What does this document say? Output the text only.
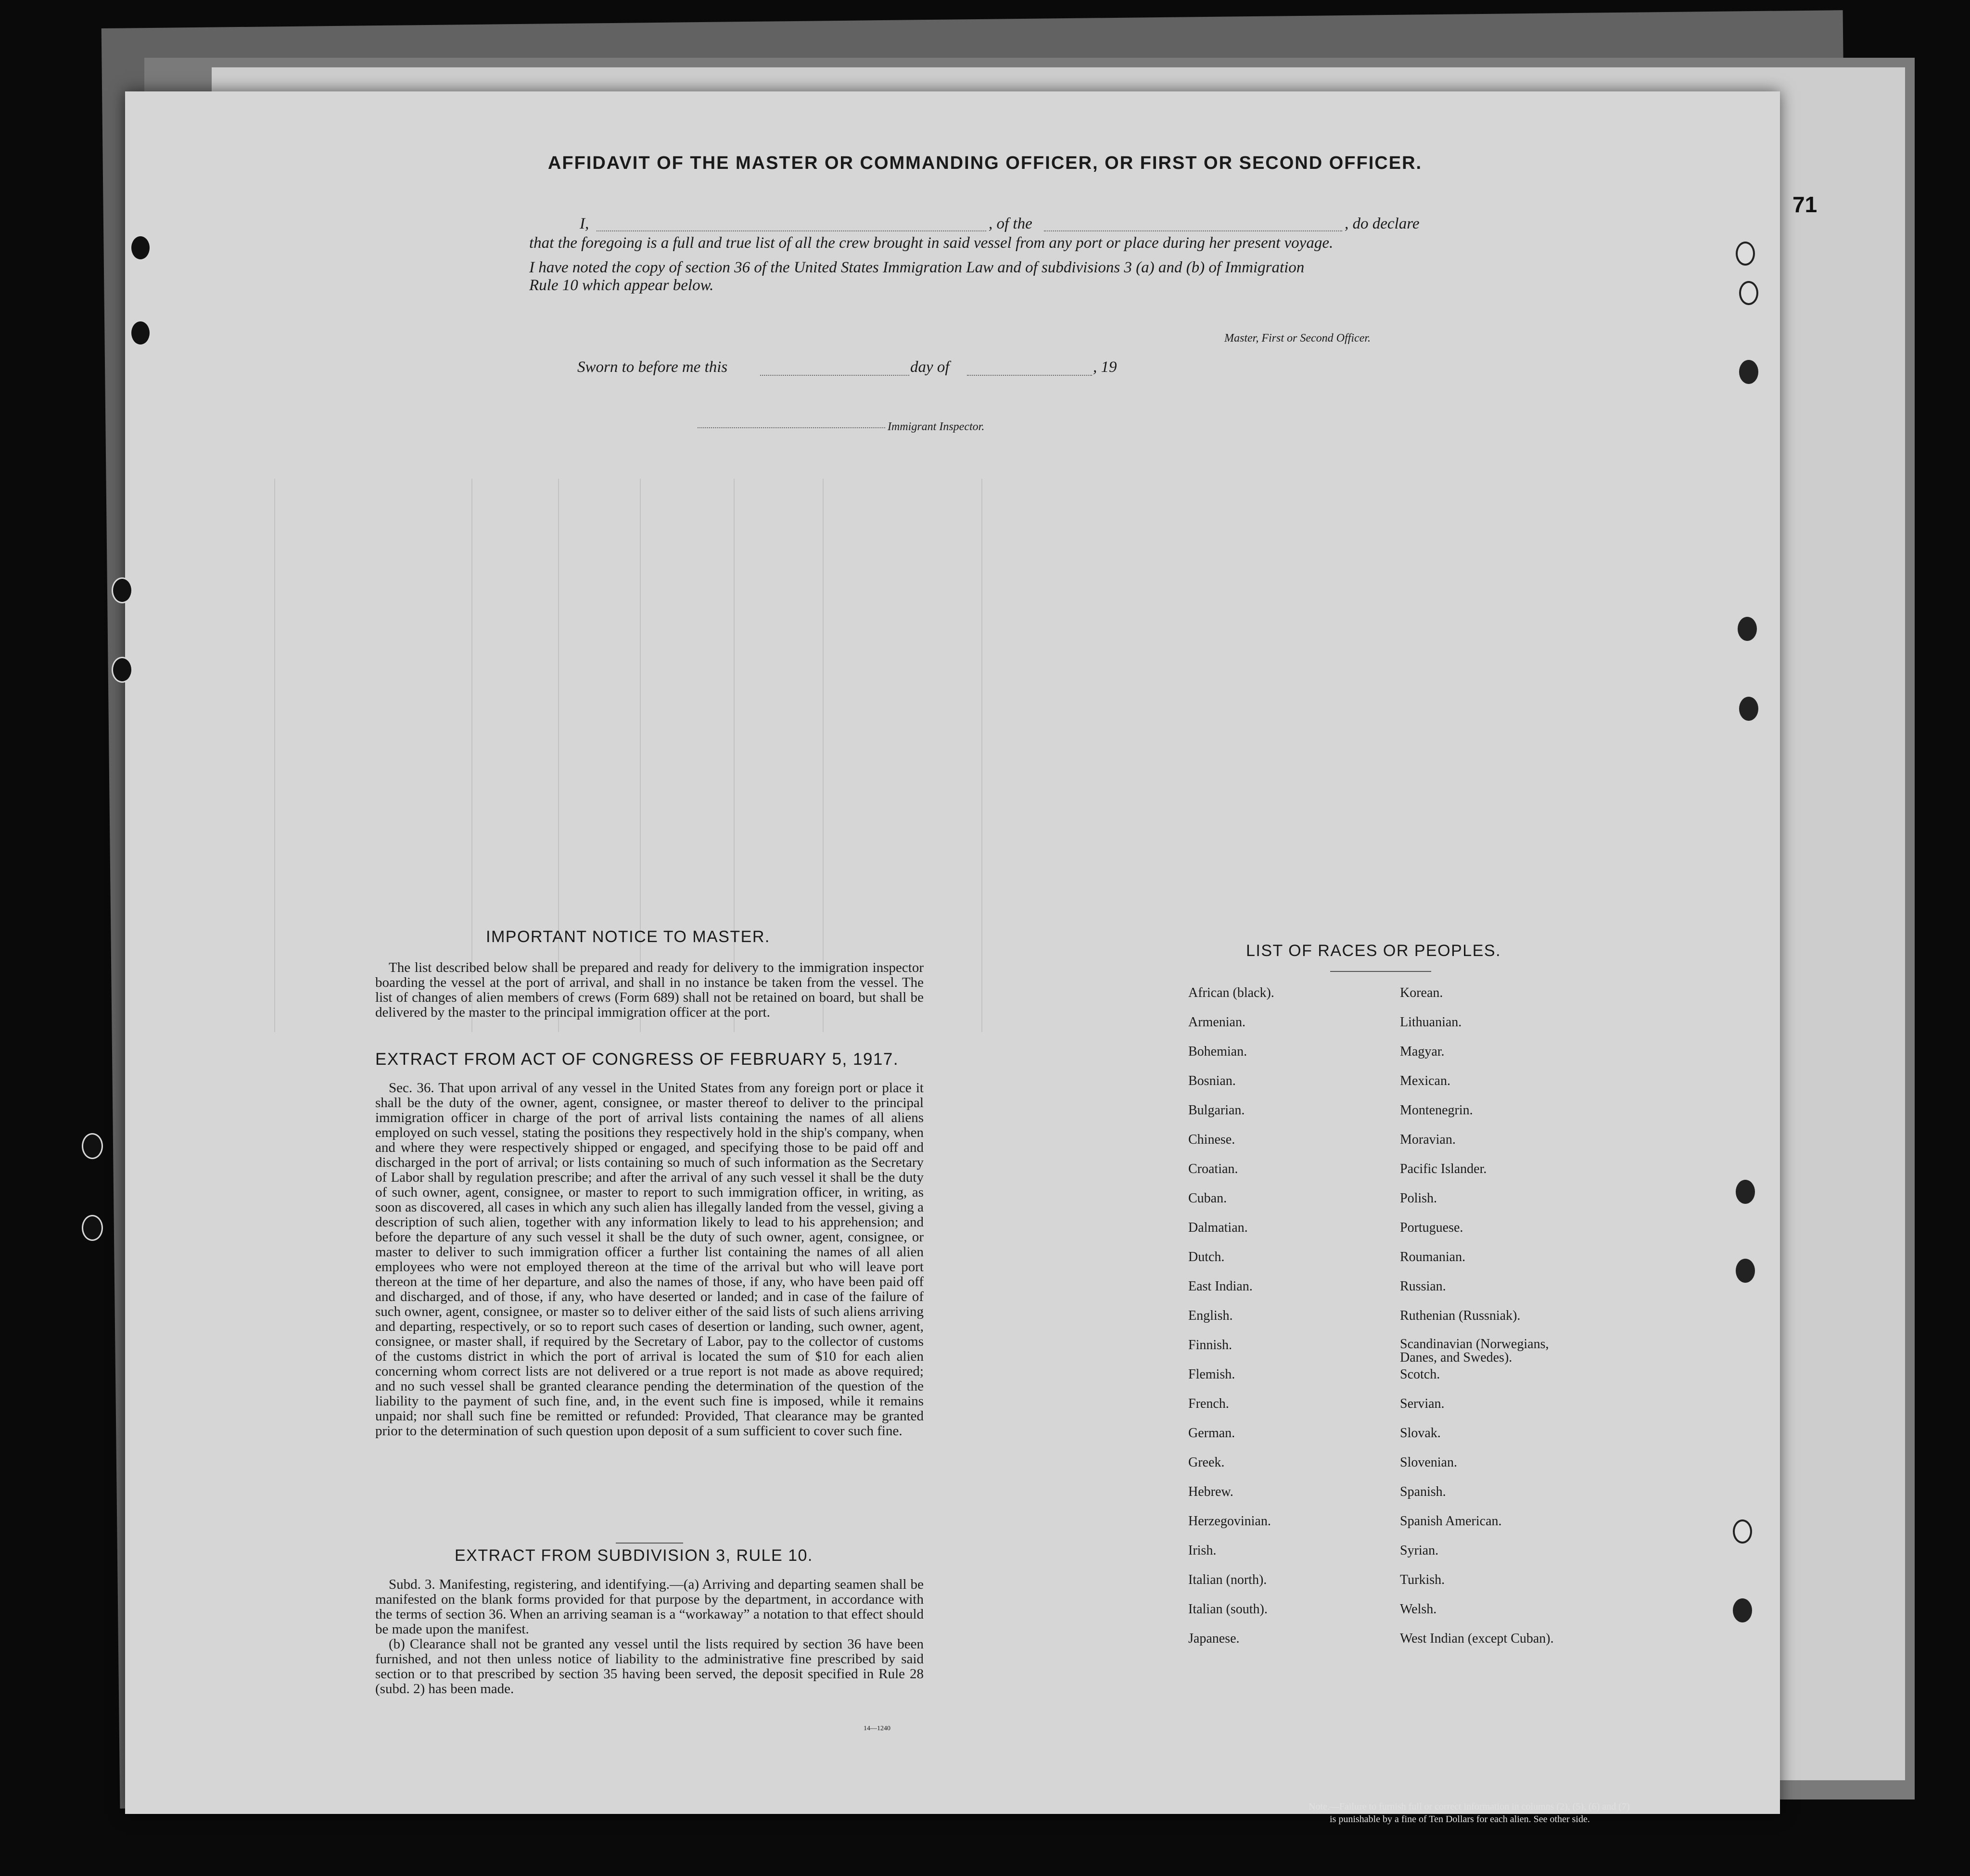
71
AFFIDAVIT OF THE MASTER OR COMMANDING OFFICER, OR FIRST OR SECOND OFFICER.
I,	, of the	, do declare
that the foregoing is a full and true list of all the crew brought in said vessel from any port or place during her present voyage.
I have noted the copy of section 36 of the United States Immigration Law and of subdivisions 3 (a) and (b) of Immigration
Rule 10 which appear below.
Master, First or Second Officer.
Sworn to before me this	day of	, 19
Immigrant Inspector.
IMPORTANT NOTICE TO MASTER.

The list described below shall be prepared and ready for delivery to the immigration inspector boarding the vessel at the port of arrival, and shall in no instance be taken from the vessel. The list of changes of alien members of crews (Form 689) shall not be retained on board, but shall be delivered by the master to the principal immigration officer at the port.

EXTRACT FROM ACT OF CONGRESS OF FEBRUARY 5, 1917.

Sec. 36. That upon arrival of any vessel in the United States from any foreign port or place it shall be the duty of the owner, agent, consignee, or master thereof to deliver to the principal immigration officer in charge of the port of arrival lists containing the names of all aliens employed on such vessel, stating the positions they respectively hold in the ship's company, when and where they were respectively shipped or engaged, and specifying those to be paid off and discharged in the port of arrival; or lists containing so much of such information as the Secretary of Labor shall by regulation prescribe; and after the arrival of any such vessel it shall be the duty of such owner, agent, consignee, or master to report to such immigration officer, in writing, as soon as discovered, all cases in which any such alien has illegally landed from the vessel, giving a description of such alien, together with any information likely to lead to his apprehension; and before the departure of any such vessel it shall be the duty of such owner, agent, consignee, or master to deliver to such immigration officer a further list containing the names of all alien employees who were not employed thereon at the time of the arrival but who will leave port thereon at the time of her departure, and also the names of those, if any, who have been paid off and discharged, and of those, if any, who have deserted or landed; and in case of the failure of such owner, agent, consignee, or master so to deliver either of the said lists of such aliens arriving and departing, respectively, or so to report such cases of desertion or landing, such owner, agent, consignee, or master shall, if required by the Secretary of Labor, pay to the collector of customs of the customs district in which the port of arrival is located the sum of $10 for each alien concerning whom correct lists are not delivered or a true report is not made as above required; and no such vessel shall be granted clearance pending the determination of the question of the liability to the payment of such fine, and, in the event such fine is imposed, while it remains unpaid; nor shall such fine be remitted or refunded: Provided, That clearance may be granted prior to the determination of such question upon deposit of a sum sufficient to cover such fine.

EXTRACT FROM SUBDIVISION 3, RULE 10.

Subd. 3. Manifesting, registering, and identifying.—(a) Arriving and departing seamen shall be manifested on the blank forms provided for that purpose by the department, in accordance with the terms of section 36. When an arriving seaman is a “workaway” a notation to that effect should be made upon the manifest.

(b) Clearance shall not be granted any vessel until the lists required by section 36 have been furnished, and not then unless notice of liability to the administrative fine prescribed by said section or to that prescribed by section 35 having been served, the deposit specified in Rule 28 (subd. 2) has been made.

14—1240
LIST OF RACES OR PEOPLES.
African (black).
Armenian.
Bohemian.
Bosnian.
Bulgarian.
Chinese.
Croatian.
Cuban.
Dalmatian.
Dutch.
East Indian.
English.
Finnish.
Flemish.
French.
German.
Greek.
Hebrew.
Herzegovinian.
Irish.
Italian (north).
Italian (south).
Japanese.
Korean.
Lithuanian.
Magyar.
Mexican.
Montenegrin.
Moravian.
Pacific Islander.
Polish.
Portuguese.
Roumanian.
Russian.
Ruthenian (Russniak).
Scandinavian (Norwegians, Danes, and Swedes).
Scotch.
Servian.
Slovak.
Slovenian.
Spanish.
Spanish American.
Syrian.
Turkish.
Welsh.
West Indian (except Cuban).
Note.—Failure to furnish full or correct information in columns (2), (5), (6) and (7)
is punishable by a fine of Ten Dollars for each alien. See other side.
